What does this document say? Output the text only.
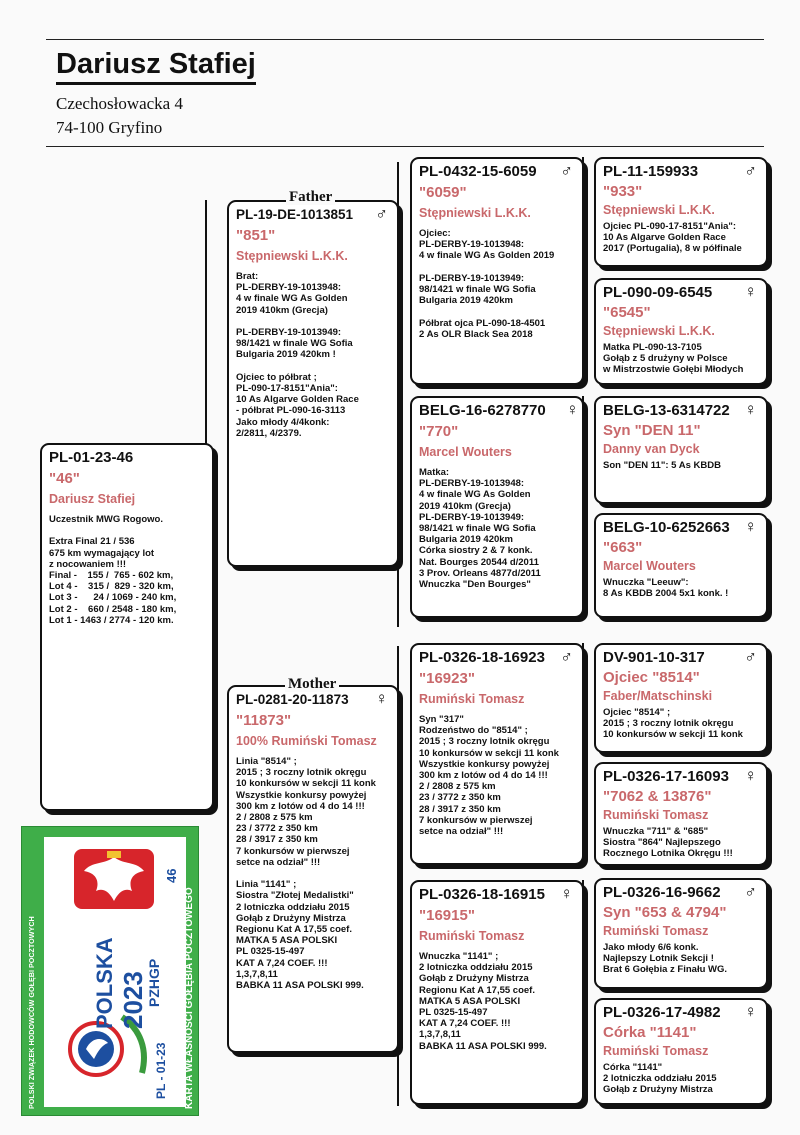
Dariusz Stafiej
Czechosłowacka 4
74-100 Gryfino
PL-01-23-46
"46"
Dariusz Stafiej
Uczestnik MWG Rogowo.

Extra Final 21 / 536
675 km wymagający lot
z nocowaniem !!!
Final -    155 /  765 - 602 km,
Lot 4 -    315 /  829 - 320 km,
Lot 3 -      24 / 1069 - 240 km,
Lot 2 -    660 / 2548 - 180 km,
Lot 1 - 1463 / 2774 - 120 km.
PL-19-DE-1013851	♂
"851"
Stępniewski L.K.K.
Brat:
PL-DERBY-19-1013948:
4 w finale WG As Golden
2019 410km (Grecja)

PL-DERBY-19-1013949:
98/1421 w finale WG Sofia
Bulgaria 2019 420km !

Ojciec to półbrat ;
PL-090-17-8151"Ania":
10 As Algarve Golden Race
- półbrat PL-090-16-3113
Jako młody 4/4konk:
2/2811, 4/2379.
Father
PL-0281-20-11873	♀
"11873"
100% Rumiński Tomasz
Linia "8514" ;
2015 ; 3 roczny lotnik okręgu
10 konkursów w sekcji 11 konk
Wszystkie konkursy powyżej
300 km z lotów od 4 do 14 !!!
2 / 2808 z 575 km
23 / 3772 z 350 km
28 / 3917 z 350 km
7 konkursów w pierwszej
setce na odział" !!!

Linia "1141" ;
Siostra "Złotej Medalistki"
2 lotniczka oddziału 2015
Gołąb z Drużyny Mistrza
Regionu Kat A 17,55 coef.
MATKA 5 ASA POLSKI
PL 0325-15-497
KAT A 7,24 COEF. !!!
1,3,7,8,11
BABKA 11 ASA POLSKI 999.
Mother
PL-0432-15-6059	♂
"6059"
Stępniewski L.K.K.
Ojciec:
PL-DERBY-19-1013948:
4 w finale WG As Golden 2019

PL-DERBY-19-1013949:
98/1421 w finale WG Sofia
Bulgaria 2019 420km

Półbrat ojca PL-090-18-4501
2 As OLR Black Sea 2018
BELG-16-6278770	♀
"770"
Marcel Wouters
Matka:
PL-DERBY-19-1013948:
4 w finale WG As Golden
2019 410km (Grecja)
PL-DERBY-19-1013949:
98/1421 w finale WG Sofia
Bulgaria 2019 420km
Córka siostry 2 & 7 konk.
Nat. Bourges 20544 d/2011
3 Prov. Orleans 4877d/2011
Wnuczka "Den Bourges"
PL-0326-18-16923 ♂
"16923"
Rumiński Tomasz
Syn "317"
Rodzeństwo do "8514" ;
2015 ; 3 roczny lotnik okręgu
10 konkursów w sekcji 11 konk
Wszystkie konkursy powyżej
300 km z lotów od 4 do 14 !!!
2 / 2808 z 575 km
23 / 3772 z 350 km
28 / 3917 z 350 km
7 konkursów w pierwszej
setce na odział" !!!
PL-0326-18-16915 ♀
"16915"
Rumiński Tomasz
Wnuczka "1141" ;
2 lotniczka oddziału 2015
Gołąb z Drużyny Mistrza
Regionu Kat A 17,55 coef.
MATKA 5 ASA POLSKI
PL 0325-15-497
KAT A 7,24 COEF. !!!
1,3,7,8,11
BABKA 11 ASA POLSKI 999.
PL-11-159933	♂
"933"
Stępniewski L.K.K.
Ojciec PL-090-17-8151"Ania":
10 As Algarve Golden Race
2017 (Portugalia), 8 w półfinale
PL-090-09-6545	♀
"6545"
Stępniewski L.K.K.
Matka PL-090-13-7105
Gołąb z 5 drużyny w Polsce
w Mistrzostwie Gołębi Młodych
BELG-13-6314722 ♀
Syn "DEN 11"
Danny van Dyck
Son "DEN 11": 5 As KBDB
BELG-10-6252663 ♀
"663"
Marcel Wouters
Wnuczka "Leeuw":
8 As KBDB 2004 5x1 konk. !
DV-901-10-317	♂
Ojciec "8514"
Faber/Matschinski
Ojciec "8514" ;
2015 ; 3 roczny lotnik okręgu
10 konkursów w sekcji 11 konk
PL-0326-17-16093 ♀
"7062 & 13876"
Rumiński Tomasz
Wnuczka "711" & "685"
Siostra "864" Najlepszego
Rocznego Lotnika Okręgu !!!
PL-0326-16-9662	♂
Syn "653 & 4794"
Rumiński Tomasz
Jako młody 6/6 konk.
Najlepszy Lotnik Sekcji !
Brat 6 Gołębia z Finału WG.
PL-0326-17-4982	♀
Córka "1141"
Rumiński Tomasz
Córka "1141"
2 lotniczka oddziału 2015
Gołąb z Drużyny Mistrza
46
POLSKA 2023
PZHGP
PL - 01-23
POLSKI ZWIĄZEK HODOWCÓW GOŁĘBI POCZTOWYCH	KARTA WŁASNOŚCI GOŁĘBIA POCZTOWEGO
